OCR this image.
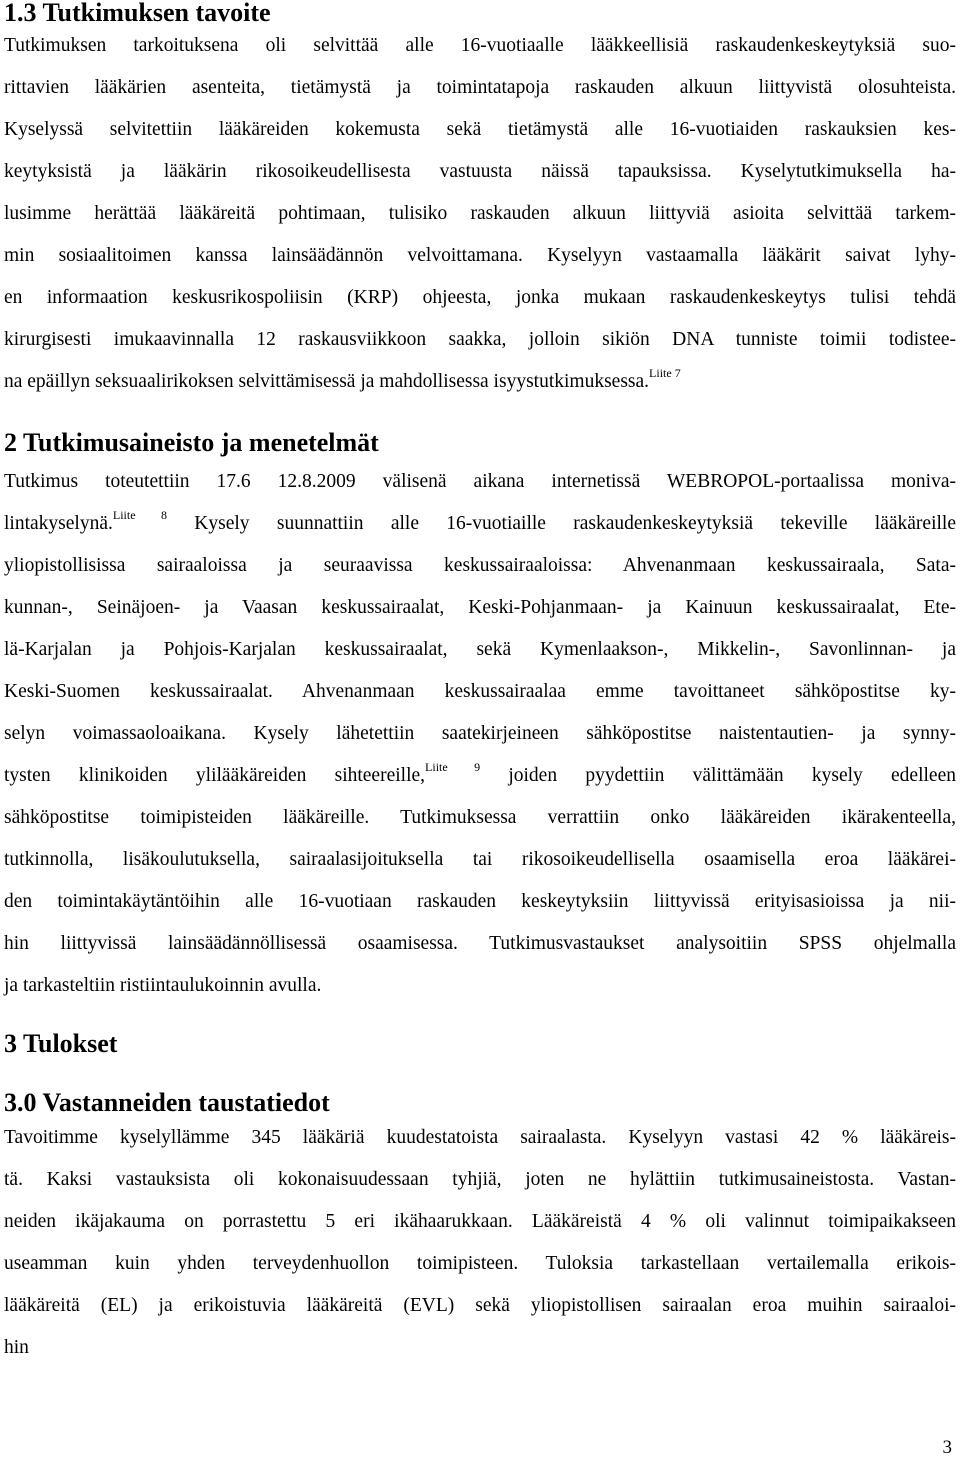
1.3 Tutkimuksen tavoite
Tutkimuksen tarkoituksena oli selvittää alle 16-vuotiaalle lääkkeellisiä raskaudenkeskeytyksiä suo-
rittavien lääkärien asenteita, tietämystä ja toimintatapoja raskauden alkuun liittyvistä olosuhteista.
Kyselyssä selvitettiin lääkäreiden kokemusta sekä tietämystä alle 16-vuotiaiden raskauksien kes-
keytyksistä ja lääkärin rikosoikeudellisesta vastuusta näissä tapauksissa. Kyselytutkimuksella ha-
lusimme herättää lääkäreitä pohtimaan, tulisiko raskauden alkuun liittyviä asioita selvittää tarkem-
min sosiaalitoimen kanssa lainsäädännön velvoittamana. Kyselyyn vastaamalla lääkärit saivat lyhy-
en informaation keskusrikospoliisin (KRP) ohjeesta, jonka mukaan raskaudenkeskeytys tulisi tehdä
kirurgisesti imukaavinnalla 12 raskausviikkoon saakka, jolloin sikiön DNA tunniste toimii todistee-
na epäillyn seksuaalirikoksen selvittämisessä ja mahdollisessa isyystutkimuksessa.$^{Liite 7}$
2 Tutkimusaineisto ja menetelmät
Tutkimus toteutettiin 17.6 12.8.2009 välisenä aikana internetissä WEBROPOL-portaalissa moniva-
lintakyselynä.$^{Liite 8}$ Kysely suunnattiin alle 16-vuotiaille raskaudenkeskeytyksiä tekeville lääkäreille
yliopistollisissa sairaaloissa ja seuraavissa keskussairaaloissa: Ahvenanmaan keskussairaala, Sata-
kunnan-, Seinäjoen- ja Vaasan keskussairaalat, Keski-Pohjanmaan- ja Kainuun keskussairaalat, Ete-
lä-Karjalan ja Pohjois-Karjalan keskussairaalat, sekä Kymenlaakson-, Mikkelin-, Savonlinnan- ja
Keski-Suomen keskussairaalat. Ahvenanmaan keskussairaalaa emme tavoittaneet sähköpostitse ky-
selyn voimassaoloaikana. Kysely lähetettiin saatekirjeineen sähköpostitse naistentautien- ja synny-
tysten klinikoiden ylilääkäreiden sihteereille,$^{Liite 9}$ joiden pyydettiin välittämään kysely edelleen
sähköpostitse toimipisteiden lääkäreille. Tutkimuksessa verrattiin onko lääkäreiden ikärakenteella,
tutkinnolla, lisäkoulutuksella, sairaalasijoituksella tai rikosoikeudellisella osaamisella eroa lääkärei-
den toimintakäytäntöihin alle 16-vuotiaan raskauden keskeytyksiin liittyvissä erityisasioissa ja nii-
hin liittyvissä lainsäädännöllisessä osaamisessa. Tutkimusvastaukset analysoitiin SPSS ohjelmalla
ja tarkasteltiin ristiintaulukoinnin avulla.
3 Tulokset
3.0 Vastanneiden taustatiedot
Tavoitimme kyselyllämme 345 lääkäriä kuudestatoista sairaalasta. Kyselyyn vastasi 42 % lääkäreis-
tä. Kaksi vastauksista oli kokonaisuudessaan tyhjiä, joten ne hylättiin tutkimusaineistosta. Vastan-
neiden ikäjakauma on porrastettu 5 eri ikähaarukkaan. Lääkäreistä 4 % oli valinnut toimipaikakseen
useamman kuin yhden terveydenhuollon toimipisteen. Tuloksia tarkastellaan vertailemalla erikois-
lääkäreitä (EL) ja erikoistuvia lääkäreitä (EVL) sekä yliopistollisen sairaalan eroa muihin sairaaloi-
hin
3
